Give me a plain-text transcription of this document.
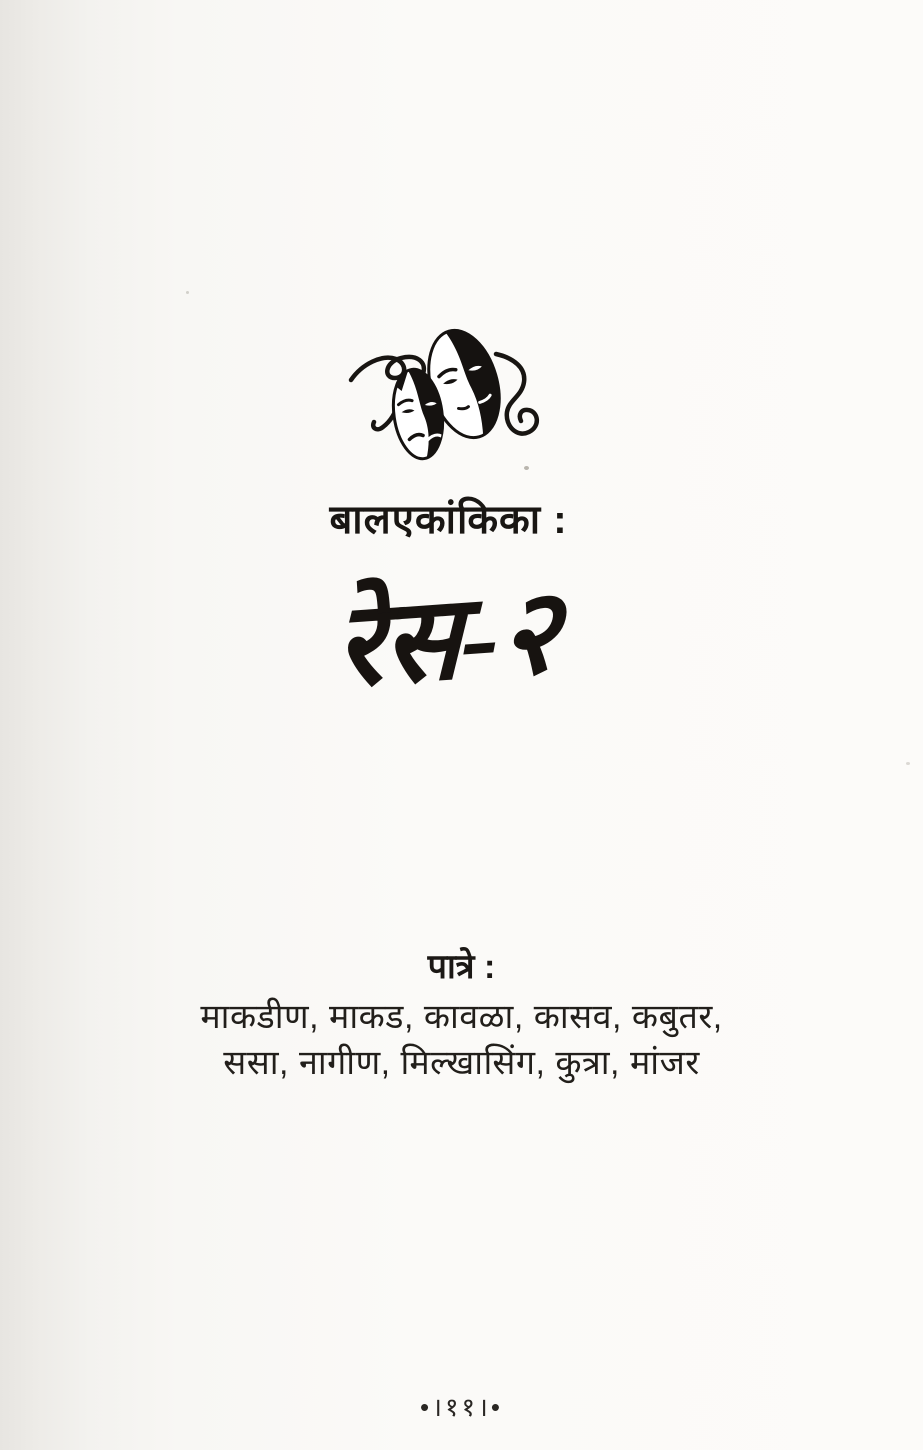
बालएकांकिका :
रेस-२
पात्रे :
माकडीण, माकड, कावळा, कासव, कबुतर,
ससा, नागीण, मिल्खासिंग, कुत्रा, मांजर
•।११।•
